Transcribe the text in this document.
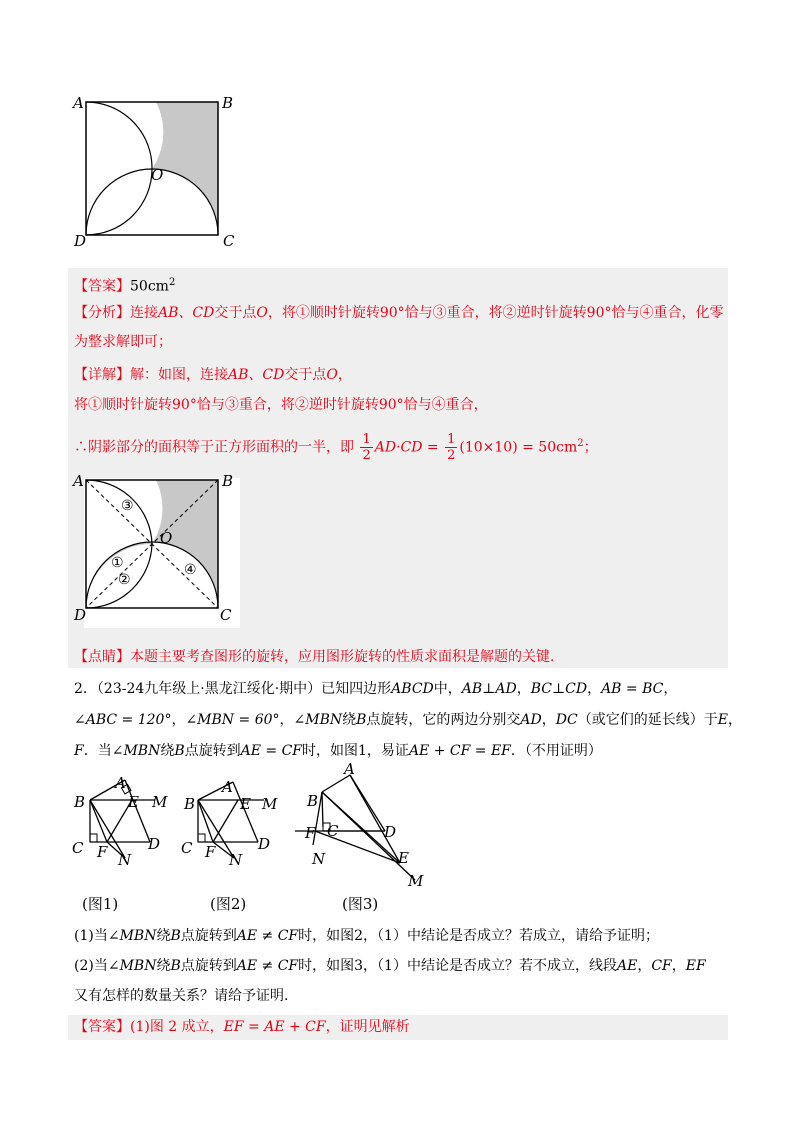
A	B
C
D
O
【答案】$50cm^2$
【分析】连接AB、CD交于点O，将①顺时针旋转90°恰与③重合，将②逆时针旋转90°恰与④重合，化零
为整求解即可；
【详解】解：如图，连接AB、CD交于点O，
将①顺时针旋转90°恰与③重合，将②逆时针旋转90°恰与④重合，
∴阴影部分的面积等于正方形面积的一半，即 $\frac{1}{2} AD\cdot CD = \frac{1}{2} (10\times 10) = 50cm^2$；
A	B
C
D
O
③
①
②
④
【点睛】本题主要考查图形的旋转，应用图形旋转的性质求面积是解题的关键.
2．（23-24九年级上·黑龙江绥化·期中）已知四边形ABCD中，AB⊥AD，BC⊥CD，AB = BC，
∠ABC = 120°，∠MBN = 60°，∠MBN绕B点旋转，它的两边分别交AD，DC（或它们的延长线）于E，
F．当∠MBN绕B点旋转到AE = CF时，如图1，易证AE + CF = EF．（不用证明）
A
B	E M
C F	D
N
(图1)
A
B	E M
C F	D
N
(图2)
A
B
F C	D
N	E
M
(图3)
(1)当∠MBN绕B点旋转到AE ≠ CF时，如图2，（1）中结论是否成立？若成立，请给予证明；
(2)当∠MBN绕B点旋转到AE ≠ CF时，如图3，（1）中结论是否成立？若不成立，线段AE，CF，EF
又有怎样的数量关系？请给予证明.
【答案】(1)图 2 成立，EF = AE + CF，证明见解析
